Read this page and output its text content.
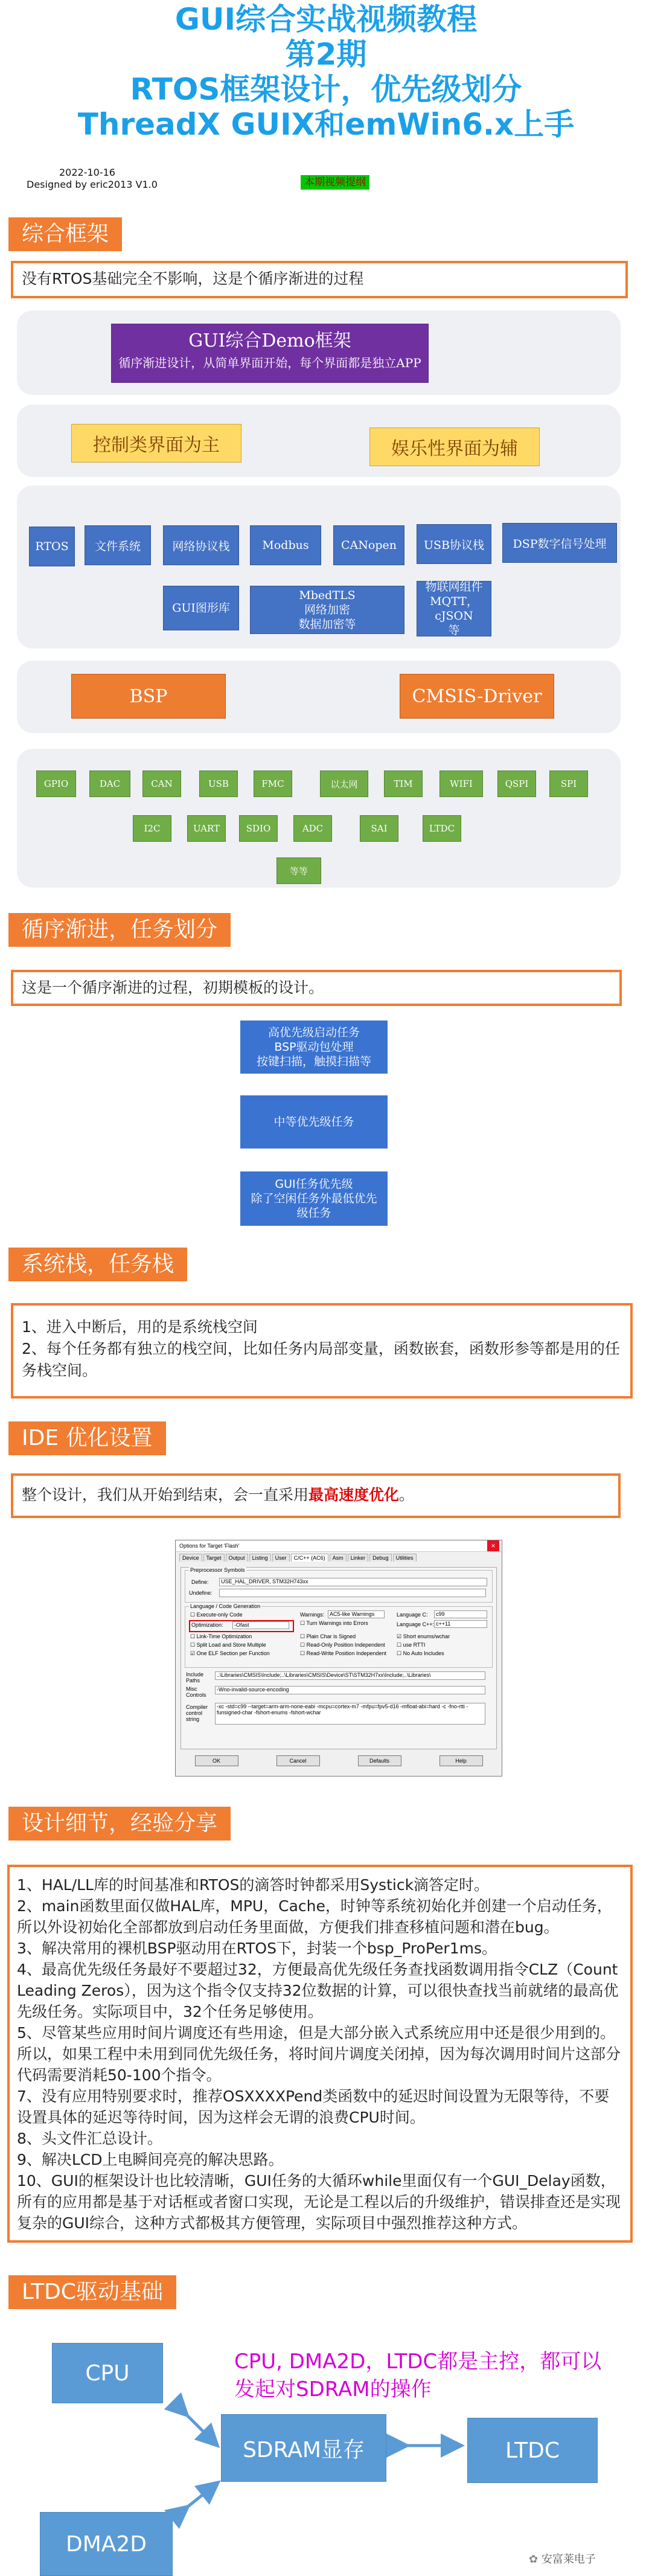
GUI综合实战视频教程
第2期
RTOS框架设计，优先级划分
ThreadX GUIX和emWin6.x上手
2022-10-16
Designed by eric2013 V1.0	本期视频提纲
综合框架
没有RTOS基础完全不影响，这是个循序渐进的过程
GUI综合Demo框架
循序渐进设计，从简单界面开始，每个界面都是独立APP
控制类界面为主	娱乐性界面为辅
RTOS	文件系统	网络协议栈	Modbus	CANopen	USB协议栈	DSP数字信号处理
GUI图形库
MbedTLS
网络加密
数据加密等
物联网组件
MQTT，cJSON
等
BSP	CMSIS-Driver
GPIO	DAC	CAN	USB	FMC	以太网	TIM	WIFI	QSPI	SPI
I2C	UART	SDIO	ADC	SAI	LTDC
等等
循序渐进，任务划分
这是一个循序渐进的过程，初期模板的设计。
高优先级启动任务
BSP驱动包处理
按键扫描，触摸扫描等
中等优先级任务
GUI任务优先级
除了空闲任务外最低优先
级任务
系统栈，任务栈
1、进入中断后，用的是系统栈空间
2、每个任务都有独立的栈空间，比如任务内局部变量，函数嵌套，函数形参等都是用的任务栈空间。
IDE 优化设置
整个设计，我们从开始到结束，会一直采用最高速度优化。
Options for Target 'Flash'	✕
Device	Target	Output	Listing	User	C/C++ (AC6)	Asm	Linker	Debug	Utilities
Preprocessor Symbols
Define:	USE_HAL_DRIVER, STM32H743xx
Undefine:
Language / Code Generation
☐ Execute-only Code
Optimization:	-Ofast
☐ Link-Time Optimization
☐ Split Load and Store Multiple
☑ One ELF Section per Function
Warnings: AC5-like Warnings
☐ Turn Warnings into Errors
☐ Plain Char is Signed
☐ Read-Only Position Independent
☐ Read-Write Position Independent
Language C:	c99
Language C++: c++11
☑ Short enums/wchar
☐ use RTTI
☐ No Auto Includes
Include Paths
..\Libraries\CMSIS\Include;..\Libraries\CMSIS\Device\ST\STM32H7xx\Include;..\Libraries\
Misc Controls
-Wno-invalid-source-encoding
Compiler control string
-xc -std=c99 --target=arm-arm-none-eabi -mcpu=cortex-m7 -mfpu=fpv5-d16 -mfloat-abi=hard -c -fno-rtti -funsigned-char -fshort-enums -fshort-wchar
OK	Cancel	Defaults	Help
设计细节，经验分享
1、HAL/LL库的时间基准和RTOS的滴答时钟都采用Systick滴答定时。
2、main函数里面仅做HAL库，MPU，Cache，时钟等系统初始化并创建一个启动任务，所以外设初始化全部都放到启动任务里面做，方便我们排查移植问题和潜在bug。
3、解决常用的裸机BSP驱动用在RTOS下，封装一个bsp_ProPer1ms。
4、最高优先级任务最好不要超过32，方便最高优先级任务查找函数调用指令CLZ（Count Leading Zeros），因为这个指令仅支持32位数据的计算，可以很快查找当前就绪的最高优先级任务。实际项目中，32个任务足够使用。
5、尽管某些应用时间片调度还有些用途，但是大部分嵌入式系统应用中还是很少用到的。所以，如果工程中未用到同优先级任务，将时间片调度关闭掉，因为每次调用时间片这部分代码需要消耗50-100个指令。
7、没有应用特别要求时，推荐OSXXXXPend类函数中的延迟时间设置为无限等待，不要设置具体的延迟等待时间，因为这样会无谓的浪费CPU时间。
8、头文件汇总设计。
9、解决LCD上电瞬间亮亮的解决思路。
10、GUI的框架设计也比较清晰，GUI任务的大循环while里面仅有一个GUI_Delay函数，所有的应用都是基于对话框或者窗口实现，无论是工程以后的升级维护，错误排查还是实现复杂的GUI综合，这种方式都极其方便管理，实际项目中强烈推荐这种方式。
LTDC驱动基础
CPU
SDRAM显存	LTDC
DMA2D
CPU, DMA2D，LTDC都是主控，都可以发起对SDRAM的操作
✿ 安富莱电子
